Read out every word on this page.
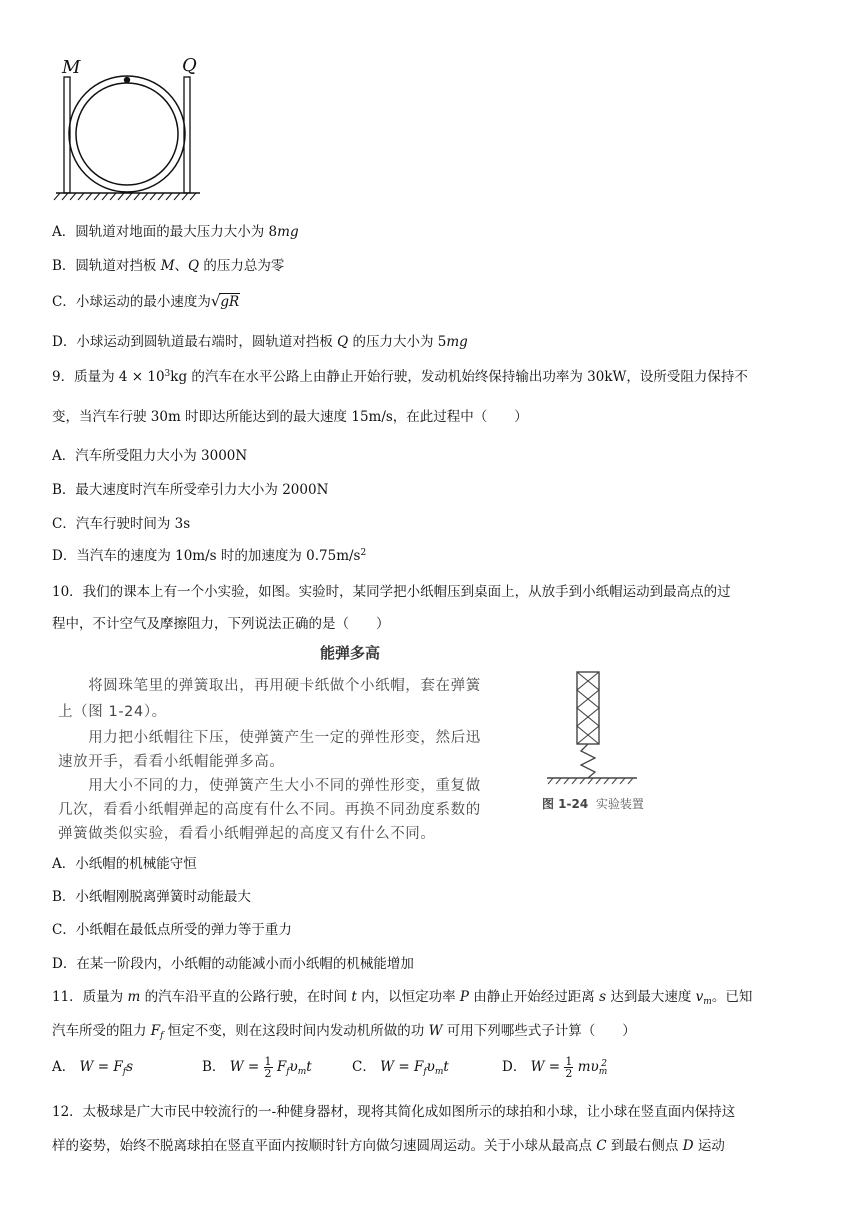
M	Q
A．圆轨道对地面的最大压力大小为 8mg
B．圆轨道对挡板 M、Q 的压力总为零
C．小球运动的最小速度为√gR
D．小球运动到圆轨道最右端时，圆轨道对挡板 Q 的压力大小为 5mg
9．质量为 $4 \times 10^3kg$ 的汽车在水平公路上由静止开始行驶，发动机始终保持输出功率为 30kW，设所受阻力保持不
变，当汽车行驶 30m 时即达所能达到的最大速度 15m/s，在此过程中（　　）
A．汽车所受阻力大小为 3000N
B．最大速度时汽车所受牵引力大小为 2000N
C．汽车行驶时间为 3s
D．当汽车的速度为 10m/s 时的加速度为 $0.75m/s^2$
10．我们的课本上有一个小实验，如图。实验时，某同学把小纸帽压到桌面上，从放手到小纸帽运动到最高点的过
程中，不计空气及摩擦阻力，下列说法正确的是（　　）
能弹多高
　　将圆珠笔里的弹簧取出，再用硬卡纸做个小纸帽，套在弹簧
上（图 1-24）。
　　用力把小纸帽往下压，使弹簧产生一定的弹性形变，然后迅
速放开手，看看小纸帽能弹多高。
　　用大小不同的力，使弹簧产生大小不同的弹性形变，重复做
几次，看看小纸帽弹起的高度有什么不同。再换不同劲度系数的
弹簧做类似实验，看看小纸帽弹起的高度又有什么不同。
图 1-24 实验装置
A．小纸帽的机械能守恒
B．小纸帽刚脱离弹簧时动能最大
C．小纸帽在最低点所受的弹力等于重力
D．在某一阶段内，小纸帽的动能减小而小纸帽的机械能增加
11．质量为 m 的汽车沿平直的公路行驶，在时间 t 内，以恒定功率 P 由静止开始经过距离 s 达到最大速度 $v_m$。已知
汽车所受的阻力 $F_f$ 恒定不变，则在这段时间内发动机所做的功 W 可用下列哪些式子计算（　　）
A． $W = F_fs$	B． $W = \frac{1}{2} F_f\upsilon_mt$	C． $W = F_f\upsilon_mt$	D． $W = \frac{1}{2} m\upsilon_m^2$
12．太极球是广大市民中较流行的一-种健身器材，现将其简化成如图所示的球拍和小球，让小球在竖直面内保持这
样的姿势，始终不脱离球拍在竖直平面内按顺时针方向做匀速圆周运动。关于小球从最高点 C 到最右侧点 D 运动
